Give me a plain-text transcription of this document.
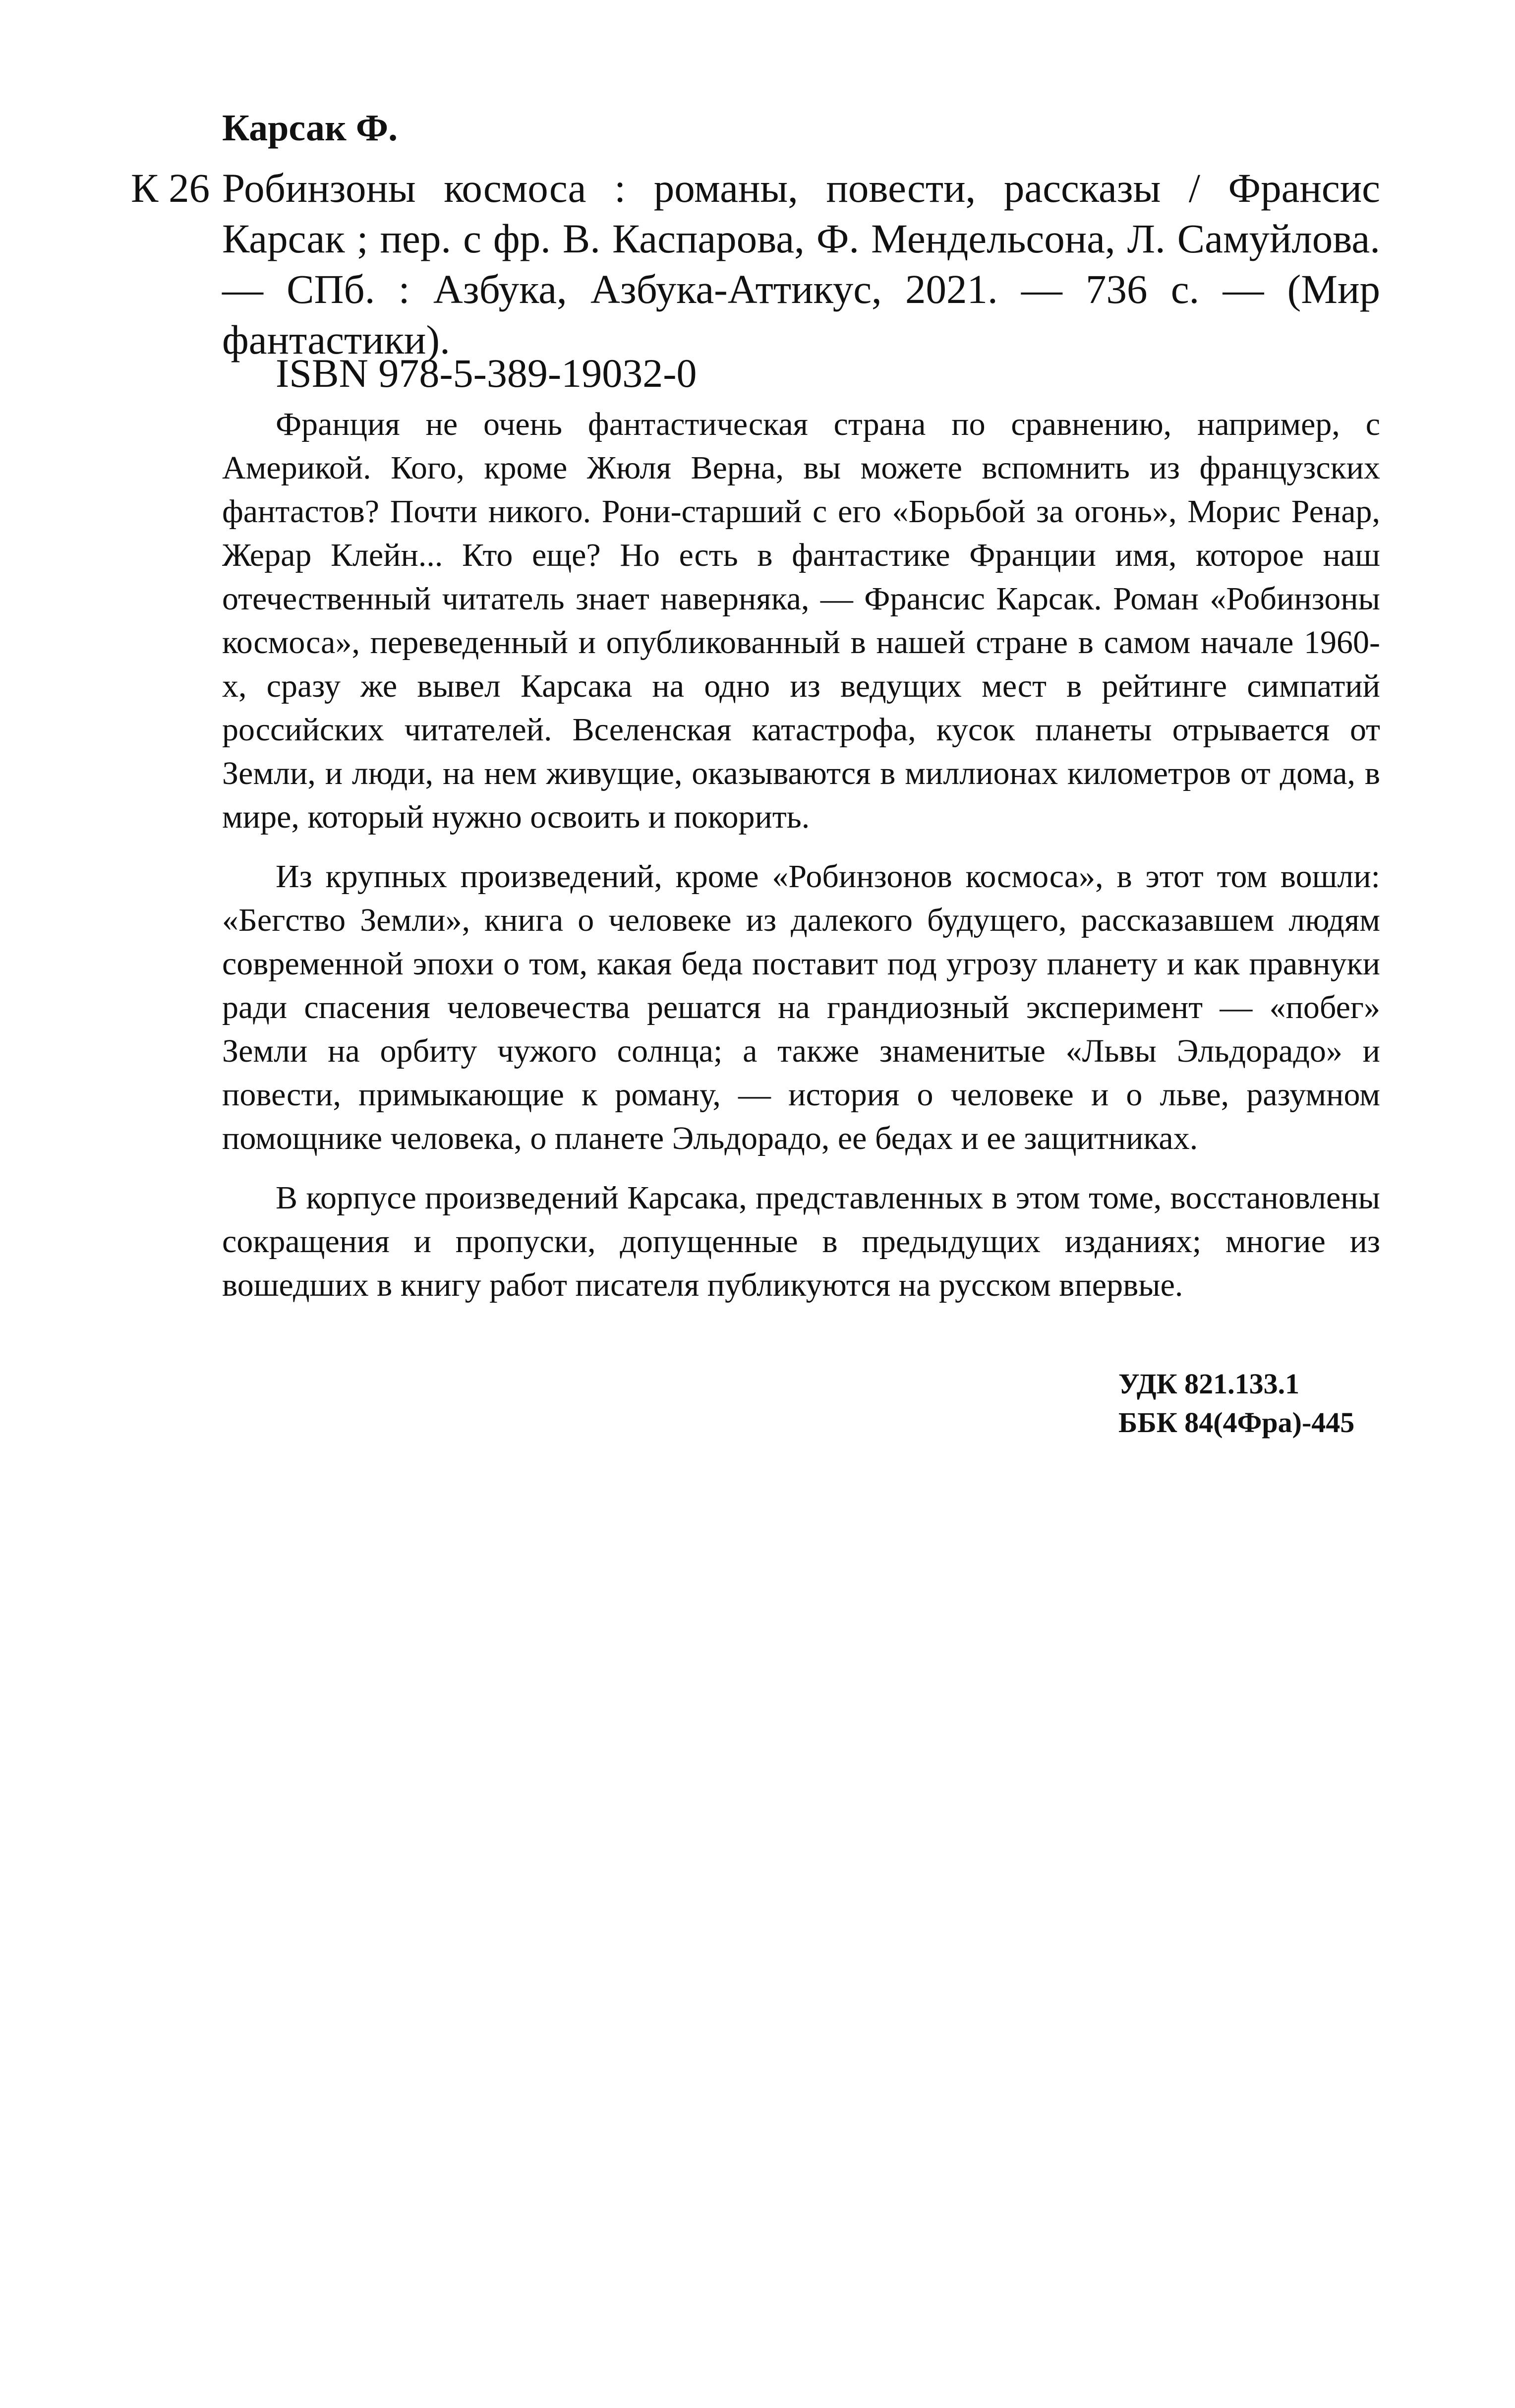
Карсак Ф.
К 26 Робинзоны космоса : романы, повести, рассказы / Франсис Карсак ; пер. с фр. В. Каспарова, Ф. Мендельсона, Л. Самуйлова. — СПб. : Азбука, Азбука-Аттикус, 2021. — 736 с. — (Мир фантастики).
ISBN 978-5-389-19032-0

Франция не очень фантастическая страна по сравнению, например, с Америкой. Кого, кроме Жюля Верна, вы можете вспомнить из французских фантастов? Почти никого. Рони-старший с его «Борьбой за огонь», Морис Ренар, Жерар Клейн... Кто еще? Но есть в фантастике Франции имя, которое наш отечественный читатель знает наверняка, — Франсис Карсак. Роман «Робинзоны космоса», переведенный и опубликованный в нашей стране в самом начале 1960-х, сразу же вывел Карсака на одно из ведущих мест в рейтинге симпатий российских читателей. Вселенская катастрофа, кусок планеты отрывается от Земли, и люди, на нем живущие, оказываются в миллионах километров от дома, в мире, который нужно освоить и покорить.

Из крупных произведений, кроме «Робинзонов космоса», в этот том вошли: «Бегство Земли», книга о человеке из далекого будущего, рассказавшем людям современной эпохи о том, какая беда поставит под угрозу планету и как правнуки ради спасения человечества решатся на грандиозный эксперимент — «побег» Земли на орбиту чужого солнца; а также знаменитые «Львы Эльдорадо» и повести, примыкающие к роману, — история о человеке и о льве, разумном помощнике человека, о планете Эльдорадо, ее бедах и ее защитниках.

В корпусе произведений Карсака, представленных в этом томе, восстановлены сокращения и пропуски, допущенные в предыдущих изданиях; многие из вошедших в книгу работ писателя публикуются на русском впервые.

УДК 821.133.1
ББК 84(4Фра)-445
